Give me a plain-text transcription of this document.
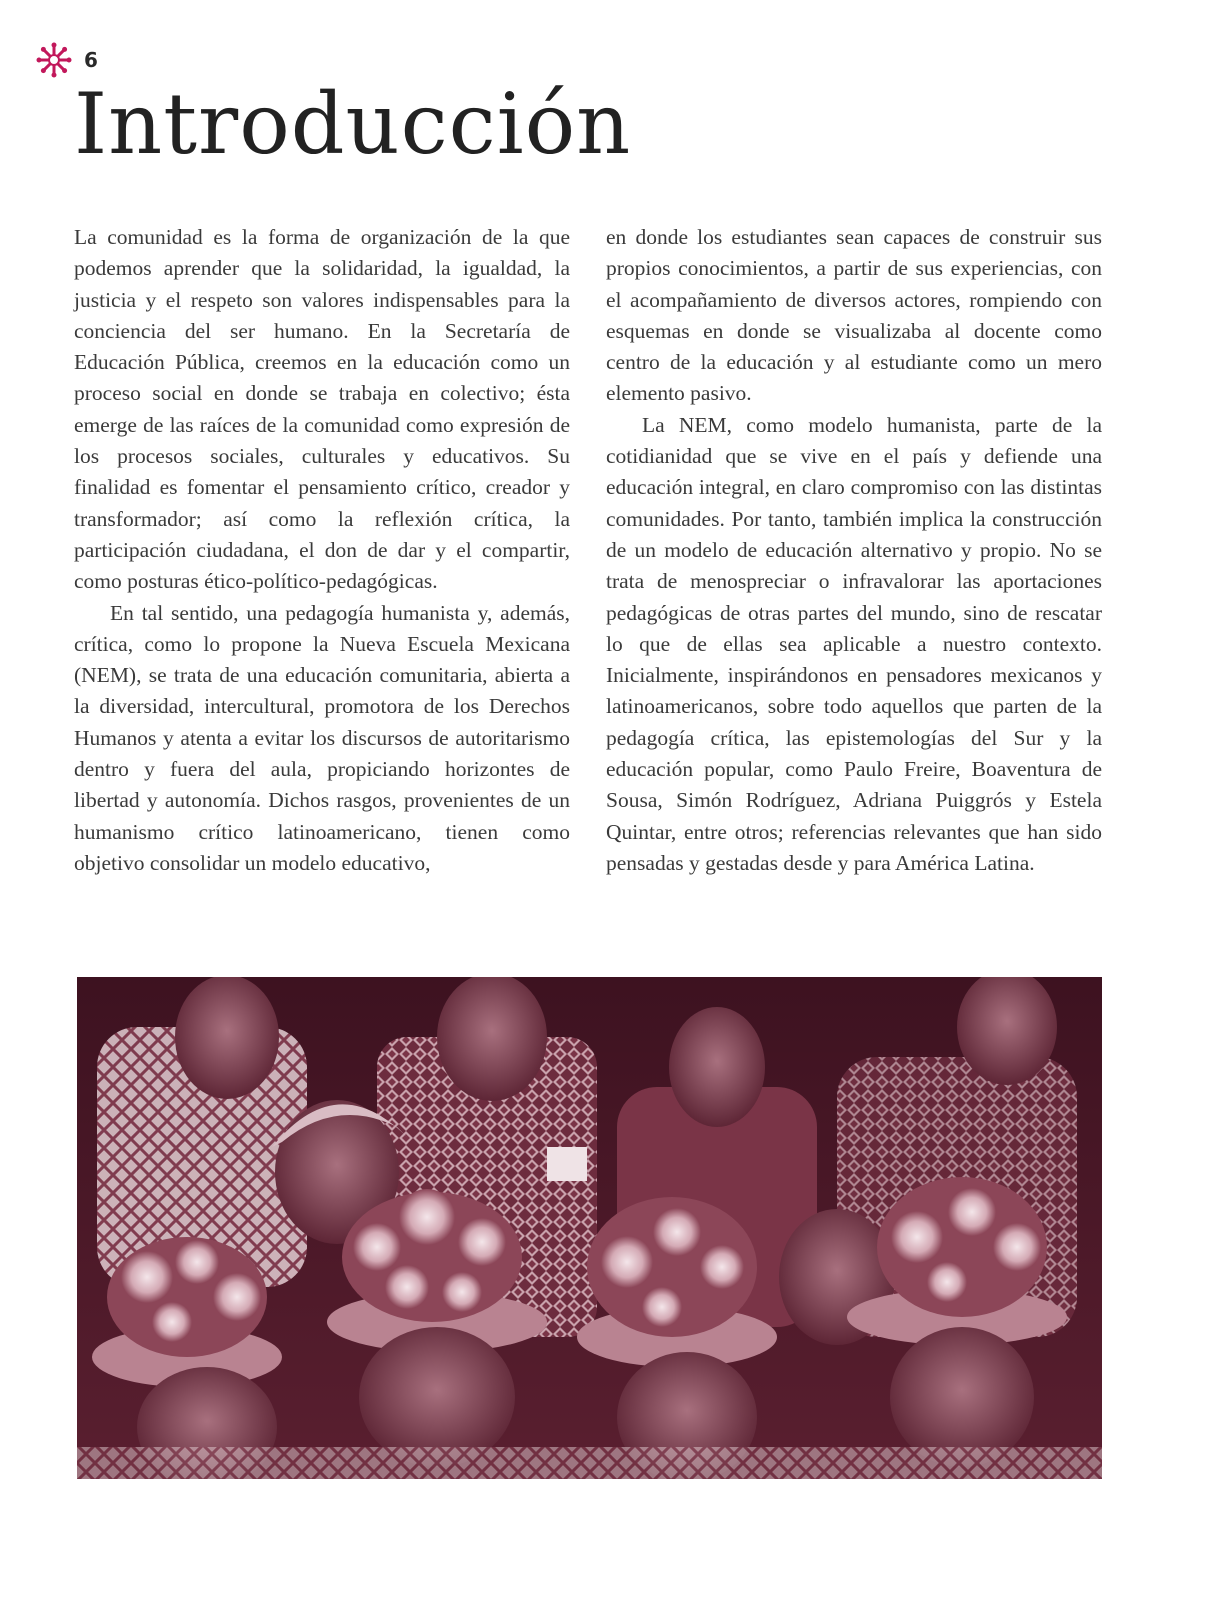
6
Introducción

La comunidad es la forma de organización de la que podemos aprender que la solidaridad, la igualdad, la justicia y el respeto son valores indispensables para la conciencia del ser humano. En la Secretaría de Educación Pública, creemos en la educación como un proceso social en donde se trabaja en colectivo; ésta emerge de las raíces de la comunidad como expresión de los procesos sociales, culturales y educativos. Su finalidad es fomentar el pensamiento crítico, creador y transformador; así como la reflexión crítica, la participación ciudadana, el don de dar y el compartir, como posturas ético-político-pedagógicas.

En tal sentido, una pedagogía humanista y, además, crítica, como lo propone la Nueva Escuela Mexicana (NEM), se trata de una educación comunitaria, abierta a la diversidad, intercultural, promotora de los Derechos Humanos y atenta a evitar los discursos de autoritarismo dentro y fuera del aula, propiciando horizontes de libertad y autonomía. Dichos rasgos, provenientes de un humanismo crítico latinoamericano, tienen como objetivo consolidar un modelo educativo,

en donde los estudiantes sean capaces de construir sus propios conocimientos, a partir de sus experiencias, con el acompañamiento de diversos actores, rompiendo con esquemas en donde se visualizaba al docente como centro de la educación y al estudiante como un mero elemento pasivo.

La NEM, como modelo humanista, parte de la cotidianidad que se vive en el país y defiende una educación integral, en claro compromiso con las distintas comunidades. Por tanto, también implica la construcción de un modelo de educación alternativo y propio. No se trata de menospreciar o infravalorar las aportaciones pedagógicas de otras partes del mundo, sino de rescatar lo que de ellas sea aplicable a nuestro contexto. Inicialmente, inspirándonos en pensadores mexicanos y latinoamericanos, sobre todo aquellos que parten de la pedagogía crítica, las epistemologías del Sur y la educación popular, como Paulo Freire, Boaventura de Sousa, Simón Rodríguez, Adriana Puiggrós y Estela Quintar, entre otros; referencias relevantes que han sido pensadas y gestadas desde y para América Latina.
